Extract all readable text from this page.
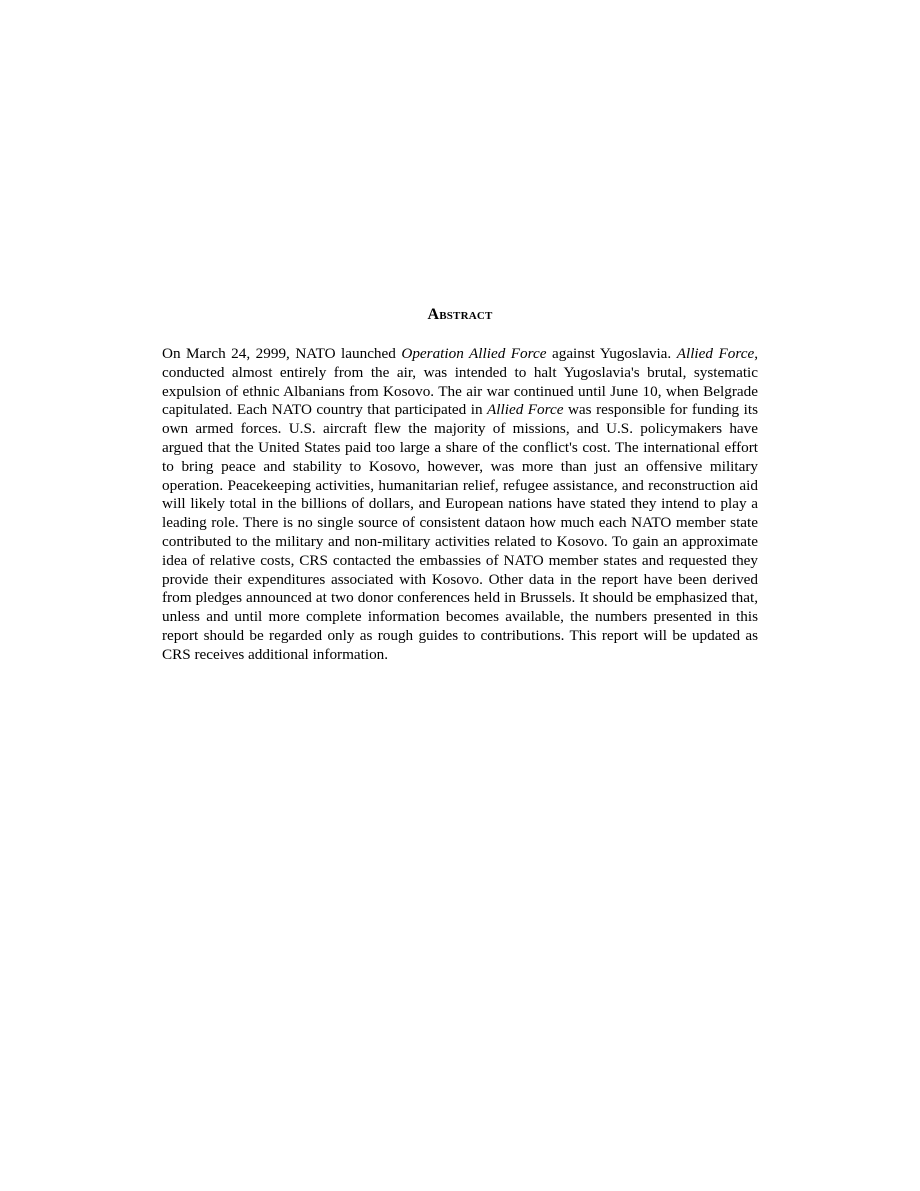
Abstract

On March 24, 2999, NATO launched Operation Allied Force against Yugoslavia. Allied Force, conducted almost entirely from the air, was intended to halt Yugoslavia's brutal, systematic expulsion of ethnic Albanians from Kosovo. The air war continued until June 10, when Belgrade capitulated. Each NATO country that participated in Allied Force was responsible for funding its own armed forces. U.S. aircraft flew the majority of missions, and U.S. policymakers have argued that the United States paid too large a share of the conflict's cost. The international effort to bring peace and stability to Kosovo, however, was more than just an offensive military operation. Peacekeeping activities, humanitarian relief, refugee assistance, and reconstruction aid will likely total in the billions of dollars, and European nations have stated they intend to play a leading role. There is no single source of consistent dataon how much each NATO member state contributed to the military and non-military activities related to Kosovo. To gain an approximate idea of relative costs, CRS contacted the embassies of NATO member states and requested they provide their expenditures associated with Kosovo. Other data in the report have been derived from pledges announced at two donor conferences held in Brussels. It should be emphasized that, unless and until more complete information becomes available, the numbers presented in this report should be regarded only as rough guides to contributions. This report will be updated as CRS receives additional information.
